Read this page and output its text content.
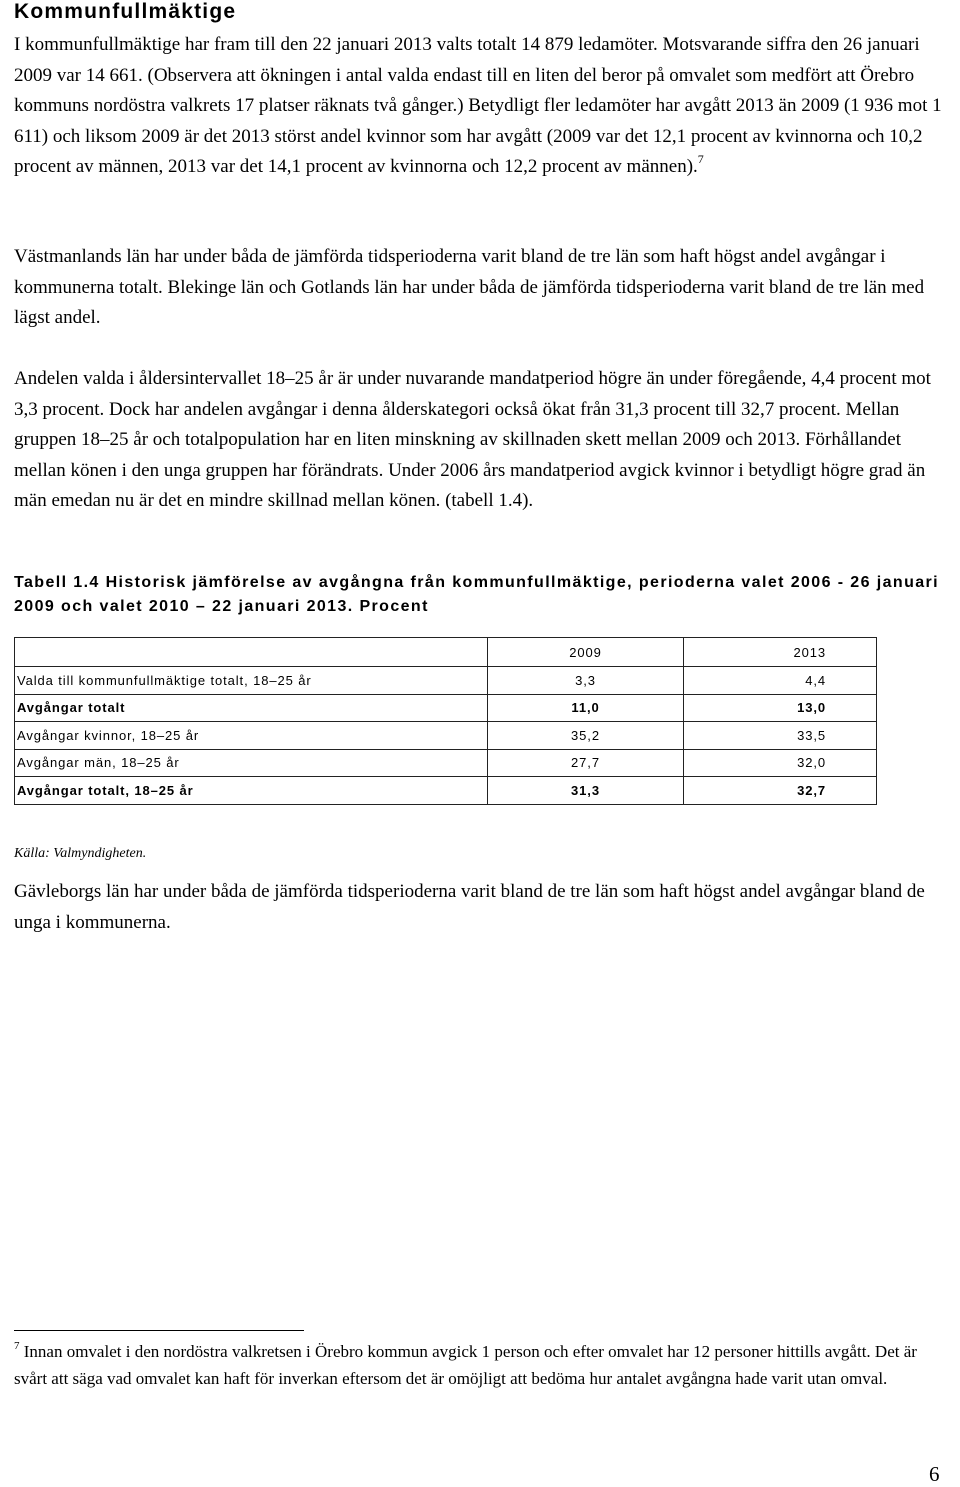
Kommunfullmäktige

I kommunfullmäktige har fram till den 22 januari 2013 valts totalt 14 879 ledamöter. Motsvarande siffra den 26 januari 2009 var 14 661. (Observera att ökningen i antal valda endast till en liten del beror på omvalet som medfört att Örebro kommuns nordöstra valkrets 17 platser räknats två gånger.) Betydligt fler ledamöter har avgått 2013 än 2009 (1 936 mot 1 611) och liksom 2009 är det 2013 störst andel kvinnor som har avgått (2009 var det 12,1 procent av kvinnorna och 10,2 procent av männen, 2013 var det 14,1 procent av kvinnorna och 12,2 procent av männen).$^7$

Västmanlands län har under båda de jämförda tidsperioderna varit bland de tre län som haft högst andel avgångar i kommunerna totalt. Blekinge län och Gotlands län har under båda de jämförda tidsperioderna varit bland de tre län med lägst andel.

Andelen valda i åldersintervallet 18–25 år är under nuvarande mandatperiod högre än under föregående, 4,4 procent mot 3,3 procent. Dock har andelen avgångar i denna ålderskategori också ökat från 31,3 procent till 32,7 procent. Mellan gruppen 18–25 år och totalpopulation har en liten minskning av skillnaden skett mellan 2009 och 2013. Förhållandet mellan könen i den unga gruppen har förändrats. Under 2006 års mandatperiod avgick kvinnor i betydligt högre grad än män emedan nu är det en mindre skillnad mellan könen. (tabell 1.4).

Tabell 1.4 Historisk jämförelse av avgångna från kommunfullmäktige, perioderna valet 2006 - 26 januari 2009 och valet 2010 – 22 januari 2013. Procent
	2009	2013
Valda till kommunfullmäktige totalt, 18–25 år	3,3	4,4
Avgångar totalt	11,0	13,0
Avgångar kvinnor, 18–25 år	35,2	33,5
Avgångar män, 18–25 år	27,7	32,0
Avgångar totalt, 18–25 år	31,3	32,7
Källa: Valmyndigheten.

Gävleborgs län har under båda de jämförda tidsperioderna varit bland de tre län som haft högst andel avgångar bland de unga i kommunerna.

$^7$ Innan omvalet i den nordöstra valkretsen i Örebro kommun avgick 1 person och efter omvalet har 12 personer hittills avgått. Det är svårt att säga vad omvalet kan haft för inverkan eftersom det är omöjligt att bedöma hur antalet avgångna hade varit utan omval.
6
